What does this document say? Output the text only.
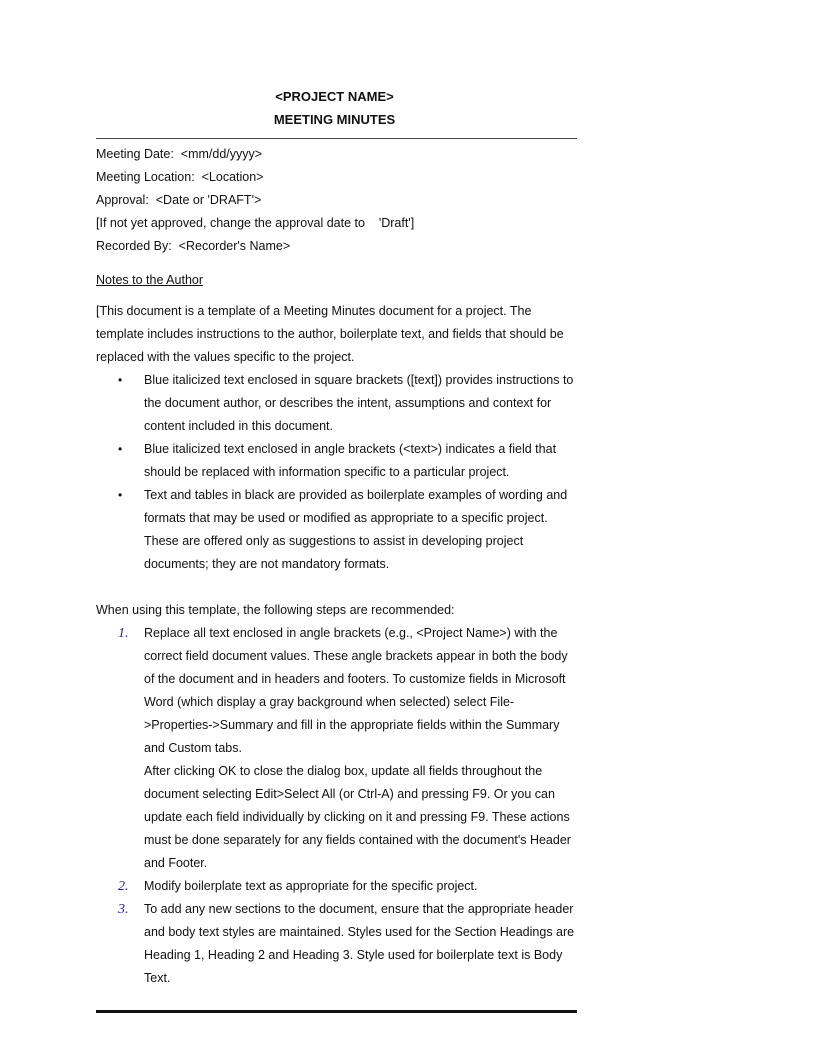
<PROJECT NAME>
MEETING MINUTES
Meeting Date:  <mm/dd/yyyy>
Meeting Location:  <Location>
Approval:  <Date or 'DRAFT'>
[If not yet approved, change the approval date to    'Draft']
Recorded By:  <Recorder's Name>
Notes to the Author
[This document is a template of a Meeting Minutes document for a project. The template includes instructions to the author, boilerplate text, and fields that should be replaced with the values specific to the project.
• Blue italicized text enclosed in square brackets ([text]) provides instructions to the document author, or describes the intent, assumptions and context for content included in this document.
• Blue italicized text enclosed in angle brackets (<text>) indicates a field that should be replaced with information specific to a particular project.
• Text and tables in black are provided as boilerplate examples of wording and formats that may be used or modified as appropriate to a specific project. These are offered only as suggestions to assist in developing project documents; they are not mandatory formats.
When using this template, the following steps are recommended:
1. Replace all text enclosed in angle brackets (e.g., <Project Name>) with the correct field document values. These angle brackets appear in both the body of the document and in headers and footers. To customize fields in Microsoft Word (which display a gray background when selected) select File->Properties->Summary and fill in the appropriate fields within the Summary and Custom tabs.
After clicking OK to close the dialog box, update all fields throughout the document selecting Edit>Select All (or Ctrl-A) and pressing F9. Or you can update each field individually by clicking on it and pressing F9. These actions must be done separately for any fields contained with the document's Header and Footer.
2. Modify boilerplate text as appropriate for the specific project.
3. To add any new sections to the document, ensure that the appropriate header and body text styles are maintained. Styles used for the Section Headings are Heading 1, Heading 2 and Heading 3. Style used for boilerplate text is Body Text.
